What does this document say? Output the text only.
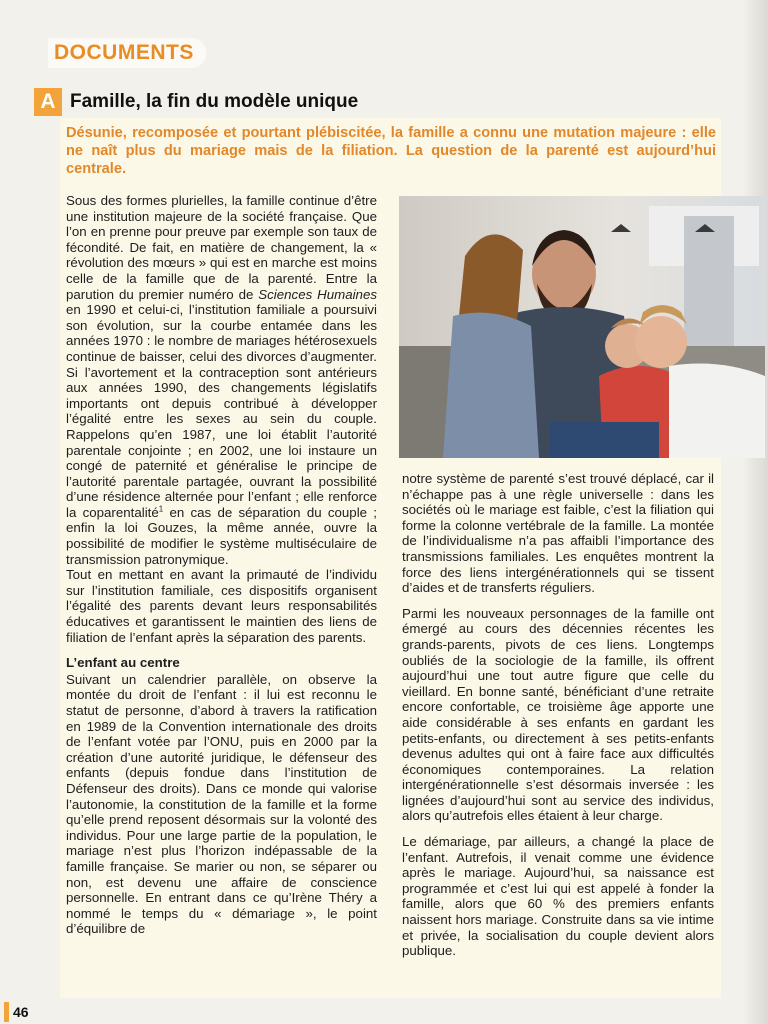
DOCUMENTS
A Famille, la fin du modèle unique
Désunie, recomposée et pourtant plébiscitée, la famille a connu une mutation majeure : elle ne naît plus du mariage mais de la filiation. La question de la parenté est aujourd’hui centrale.

Sous des formes plurielles, la famille continue d’être une institution majeure de la société française. Que l’on en prenne pour preuve par exemple son taux de fécondité. De fait, en matière de changement, la « révolution des mœurs » qui est en marche est moins celle de la famille que de la parenté. Entre la parution du premier numéro de Sciences Humaines en 1990 et celui-ci, l’institution familiale a poursuivi son évolution, sur la courbe entamée dans les années 1970 : le nombre de mariages hétérosexuels continue de baisser, celui des divorces d’augmenter. Si l’avortement et la contraception sont antérieurs aux années 1990, des changements législatifs importants ont depuis contribué à développer l’égalité entre les sexes au sein du couple. Rappelons qu’en 1987, une loi établit l’autorité parentale conjointe ; en 2002, une loi instaure un congé de paternité et généralise le principe de l’autorité parentale partagée, ouvrant la possibilité d’une résidence alternée pour l’enfant ; elle renforce la coparentalité$^1$ en cas de séparation du couple ; enfin la loi Gouzes, la même année, ouvre la possibilité de modifier le système multiséculaire de transmission patronymique.

Tout en mettant en avant la primauté de l’individu sur l’institution familiale, ces dispositifs organisent l’égalité des parents devant leurs responsabilités éducatives et garantissent le maintien des liens de filiation de l’enfant après la séparation des parents.

L’enfant au centre

Suivant un calendrier parallèle, on observe la montée du droit de l’enfant : il lui est reconnu le statut de personne, d’abord à travers la ratification en 1989 de la Convention internationale des droits de l’enfant votée par l’ONU, puis en 2000 par la création d’une autorité juridique, le défenseur des enfants (depuis fondue dans l’institution de Défenseur des droits). Dans ce monde qui valorise l’autonomie, la constitution de la famille et la forme qu’elle prend reposent désormais sur la volonté des individus. Pour une large partie de la population, le mariage n’est plus l’horizon indépassable de la famille française. Se marier ou non, se séparer ou non, est devenu une affaire de conscience personnelle. En entrant dans ce qu’Irène Théry a nommé le temps du « démariage », le point d’équilibre de

notre système de parenté s’est trouvé déplacé, car il n’échappe pas à une règle universelle : dans les sociétés où le mariage est faible, c’est la filiation qui forme la colonne vertébrale de la famille. La montée de l’individualisme n’a pas affaibli l’importance des transmissions familiales. Les enquêtes montrent la force des liens intergénérationnels qui se tissent d’aides et de transferts réguliers.

Parmi les nouveaux personnages de la famille ont émergé au cours des décennies récentes les grands-parents, pivots de ces liens. Longtemps oubliés de la sociologie de la famille, ils offrent aujourd’hui une tout autre figure que celle du vieillard. En bonne santé, bénéficiant d’une retraite encore confortable, ce troisième âge apporte une aide considérable à ses enfants en gardant les petits-enfants, ou directement à ses petits-enfants devenus adultes qui ont à faire face aux difficultés économiques contemporaines. La relation intergénérationnelle s’est désormais inversée : les lignées d’aujourd’hui sont au service des individus, alors qu’autrefois elles étaient à leur charge.

Le démariage, par ailleurs, a changé la place de l’enfant. Autrefois, il venait comme une évidence après le mariage. Aujourd’hui, sa naissance est programmée et c’est lui qui est appelé à fonder la famille, alors que 60 % des premiers enfants naissent hors mariage. Construite dans sa vie intime et privée, la socialisation du couple devient alors publique.

46
